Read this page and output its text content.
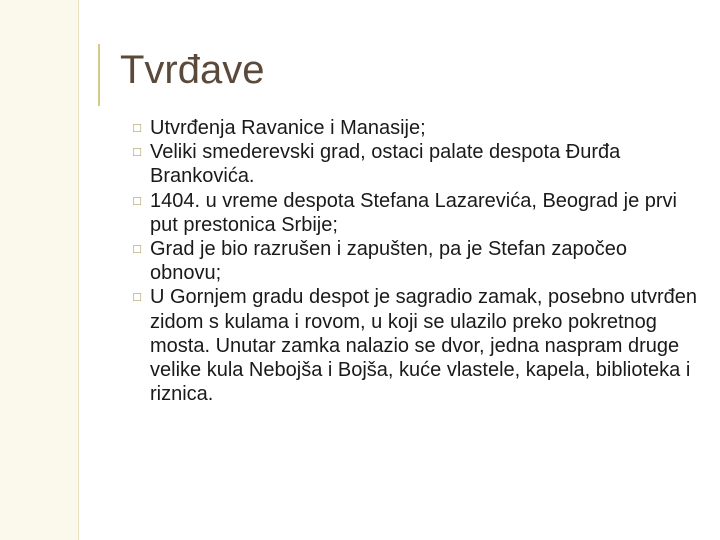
Tvrđave
□ Utvrđenja Ravanice i Manasije;
□ Veliki smederevski grad, ostaci palate despota Đurđa Brankovića.
□ 1404. u vreme despota Stefana Lazarevića, Beograd je prvi put prestonica Srbije;
□ Grad je bio razrušen i zapušten, pa je Stefan započeo obnovu;
□ U Gornjem gradu despot je sagradio zamak, posebno utvrđen zidom s kulama i rovom, u koji se ulazilo preko pokretnog mosta. Unutar zamka nalazio se dvor, jedna naspram druge velike kula Nebojša i Bojša, kuće vlastele, kapela, biblioteka i riznica.
